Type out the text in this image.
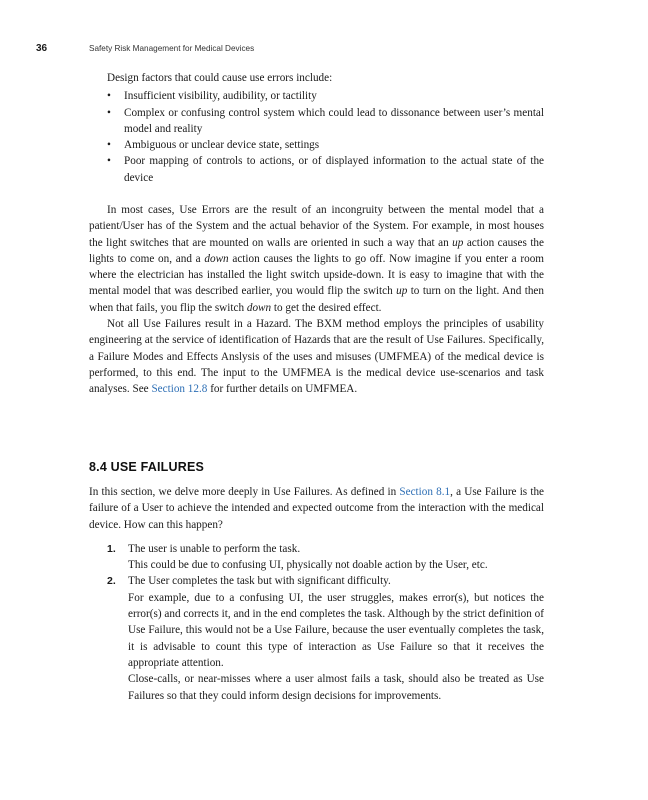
36	Safety Risk Management for Medical Devices
Design factors that could cause use errors include:
• Insufficient visibility, audibility, or tactility
• Complex or confusing control system which could lead to dissonance between user’s mental model and reality
• Ambiguous or unclear device state, settings
• Poor mapping of controls to actions, or of displayed information to the actual state of the device

In most cases, Use Errors are the result of an incongruity between the mental model that a patient/User has of the System and the actual behavior of the System. For example, in most houses the light switches that are mounted on walls are oriented in such a way that an up action causes the lights to come on, and a down action causes the lights to go off. Now imagine if you enter a room where the electrician has installed the light switch upside-down. It is easy to imagine that with the mental model that was described earlier, you would flip the switch up to turn on the light. And then when that fails, you flip the switch down to get the desired effect.

Not all Use Failures result in a Hazard. The BXM method employs the principles of usability engineering at the service of identification of Hazards that are the result of Use Failures. Specifically, a Failure Modes and Effects Anslysis of the uses and misuses (UMFMEA) of the medical device is performed, to this end. The input to the UMFMEA is the medical device use-scenarios and task analyses. See Section 12.8 for further details on UMFMEA.

8.4 USE FAILURES

In this section, we delve more deeply in Use Failures. As defined in Section 8.1, a Use Failure is the failure of a User to achieve the intended and expected outcome from the interaction with the medical device. How can this happen?

1. The user is unable to perform the task.

This could be due to confusing UI, physically not doable action by the User, etc.

2. The User completes the task but with significant difficulty.

For example, due to a confusing UI, the user struggles, makes error(s), but notices the error(s) and corrects it, and in the end completes the task. Although by the strict definition of Use Failure, this would not be a Use Failure, because the user eventually completes the task, it is advisable to count this type of interaction as Use Failure so that it receives the appropriate attention.

Close-calls, or near-misses where a user almost fails a task, should also be treated as Use Failures so that they could inform design decisions for improvements.
